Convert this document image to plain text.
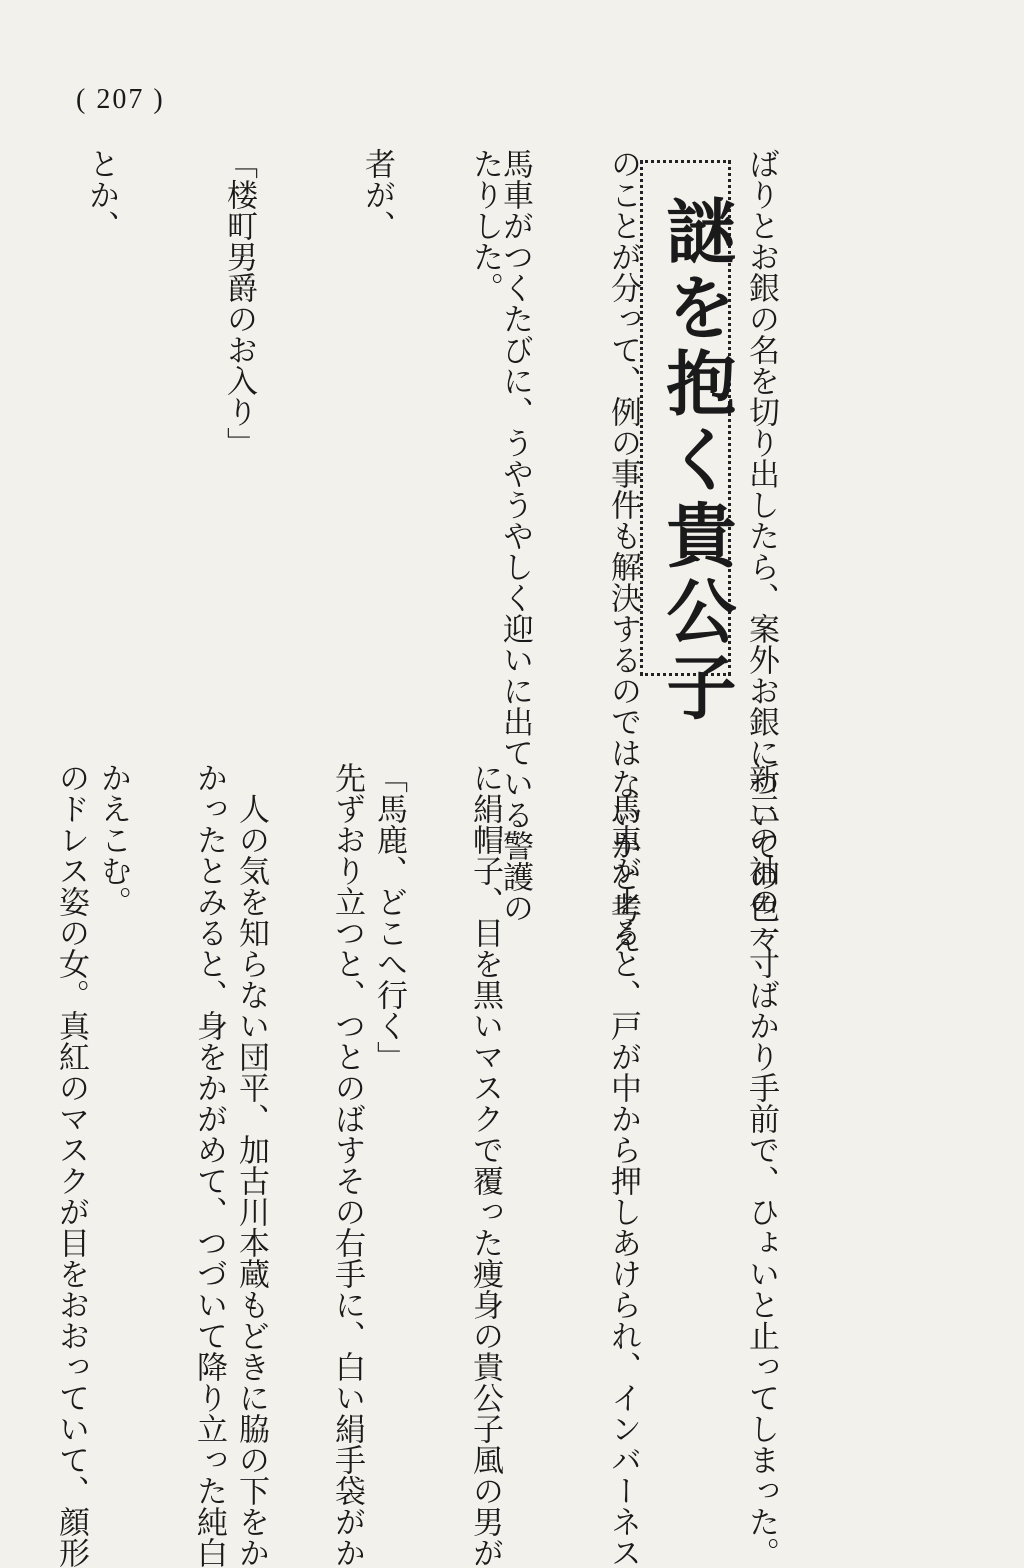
( 207 )

ばりとお銀の名を切り出したら、案外お銀についての色々

のことが分って、例の事件も解決するのではないかと考え

たりした。 謎を抱く貴公子

馬車がつくたびに、うやうやしく迎いに出ている警護の

者が、

「楼町男爵のお入り」

とか、

新三の袖の一寸ばかり手前で、ひょいと止ってしまった。

　馬車が止ると、戸が中から押しあけられ、インバーネス

に絹帽子、目を黒いマスクで覆った痩身の貴公子風の男が

先ずおり立つと、つとのばすその右手に、白い絹手袋がか

かったとみると、身をかがめて、つづいて降り立った純白

のドレス姿の女。真紅のマスクが目をおおっていて、顔形

	「馬鹿、どこへ行く」

　人の気を知らない団平、加古川本蔵もどきに脇の下をか

かえこむ。
